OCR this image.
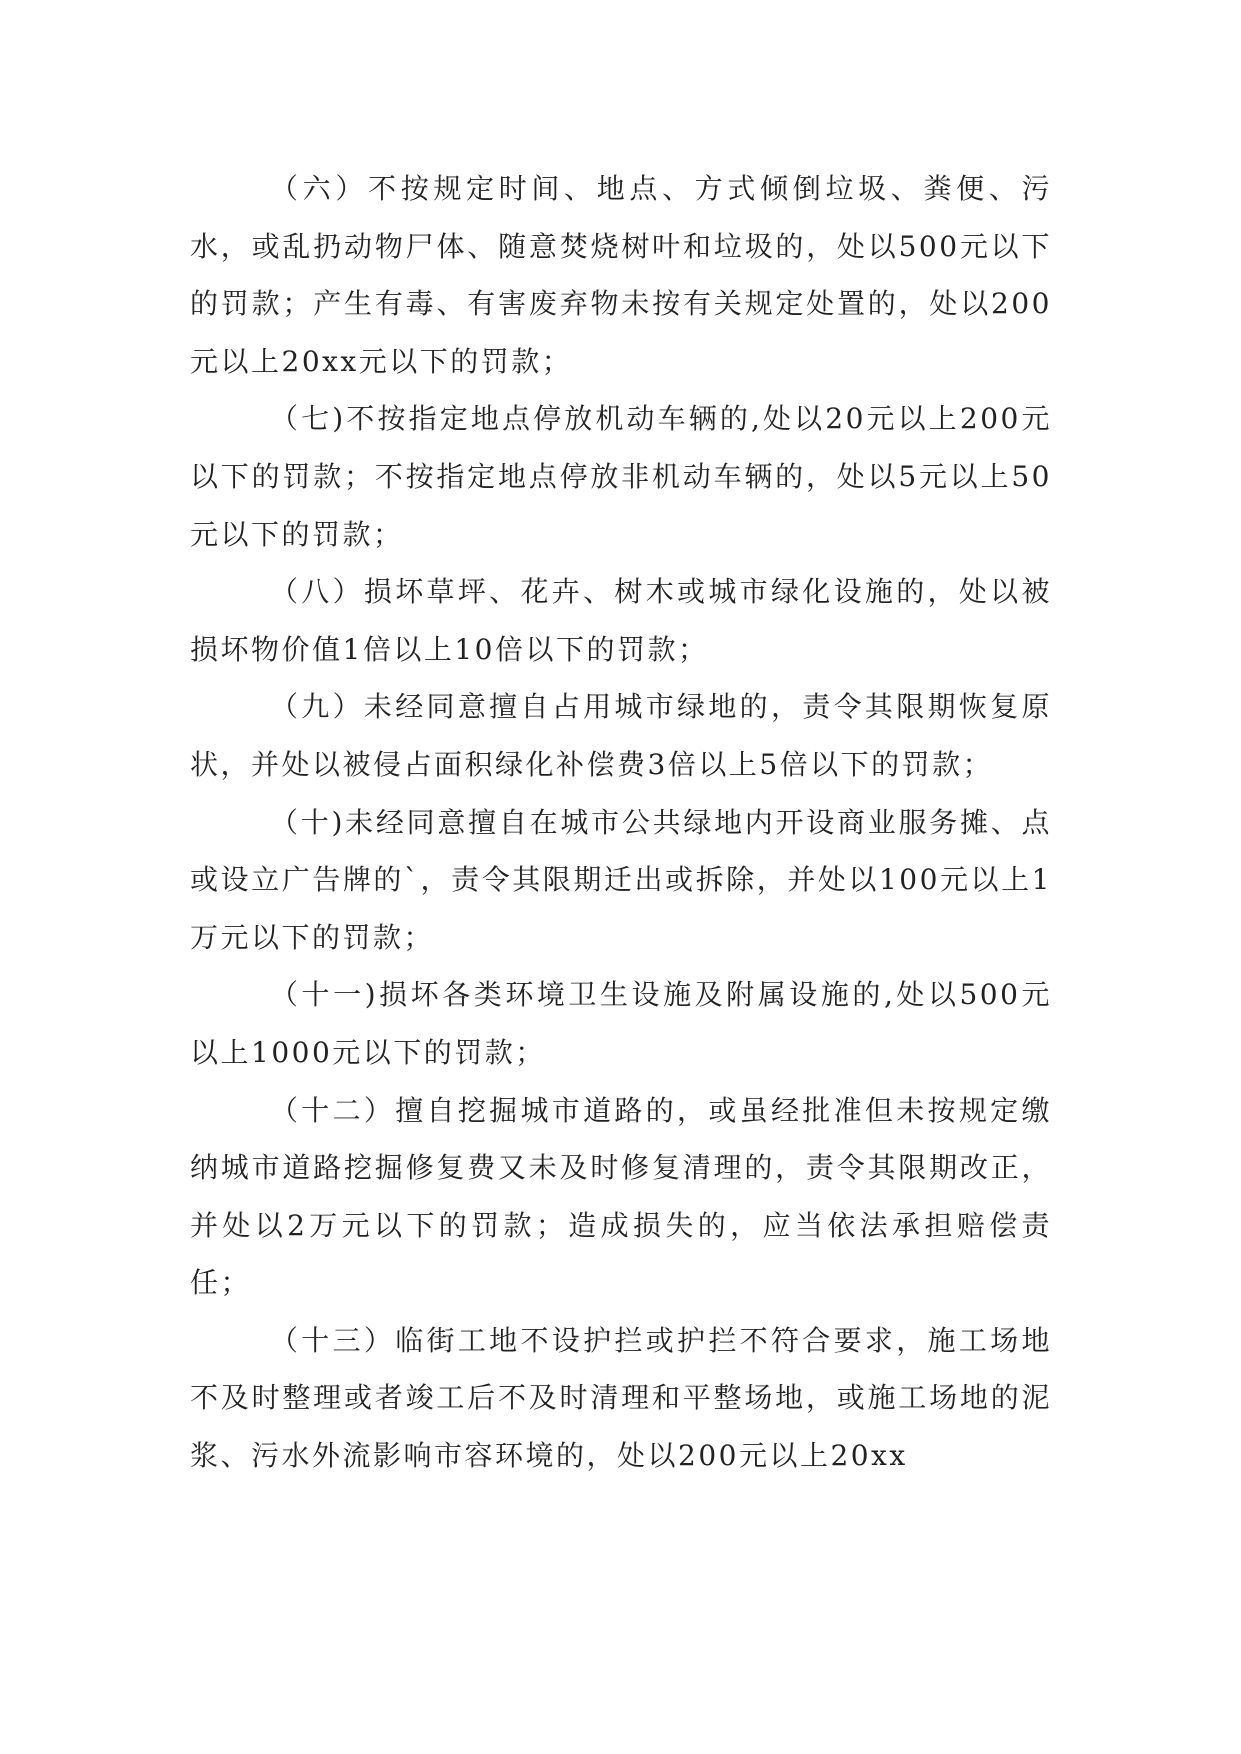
（六）不按规定时间、地点、方式倾倒垃圾、粪便、污水，或乱扔动物尸体、随意焚烧树叶和垃圾的，处以500元以下的罚款；产生有毒、有害废弃物未按有关规定处置的，处以200元以上20xx元以下的罚款；

（七)不按指定地点停放机动车辆的,处以20元以上200元以下的罚款；不按指定地点停放非机动车辆的，处以5元以上50元以下的罚款；

（八）损坏草坪、花卉、树木或城市绿化设施的，处以被损坏物价值1倍以上10倍以下的罚款；

（九）未经同意擅自占用城市绿地的，责令其限期恢复原状，并处以被侵占面积绿化补偿费3倍以上5倍以下的罚款；

（十)未经同意擅自在城市公共绿地内开设商业服务摊、点或设立广告牌的`，责令其限期迁出或拆除，并处以100元以上1万元以下的罚款；

（十一)损坏各类环境卫生设施及附属设施的,处以500元以上1000元以下的罚款；

（十二）擅自挖掘城市道路的，或虽经批准但未按规定缴纳城市道路挖掘修复费又未及时修复清理的，责令其限期改正，并处以2万元以下的罚款；造成损失的，应当依法承担赔偿责任；

（十三）临街工地不设护拦或护拦不符合要求，施工场地不及时整理或者竣工后不及时清理和平整场地，或施工场地的泥浆、污水外流影响市容环境的，处以200元以上20xx
